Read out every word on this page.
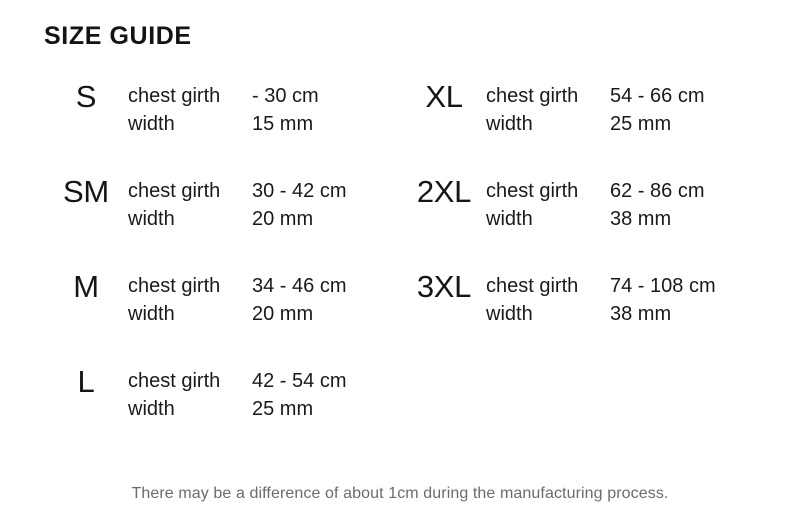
SIZE GUIDE
S	chest girth	- 30 cm
width	15 mm
SM chest girth	30 - 42 cm
width	20 mm
M	chest girth	34 - 46 cm
width	20 mm
L	chest girth	42 - 54 cm
width	25 mm
XL	chest girth	54 - 66 cm
width	25 mm
2XL chest girth	62 - 86 cm
width	38 mm
3XL chest girth	74 - 108 cm
width	38 mm
There may be a difference of about 1cm during the manufacturing process.
